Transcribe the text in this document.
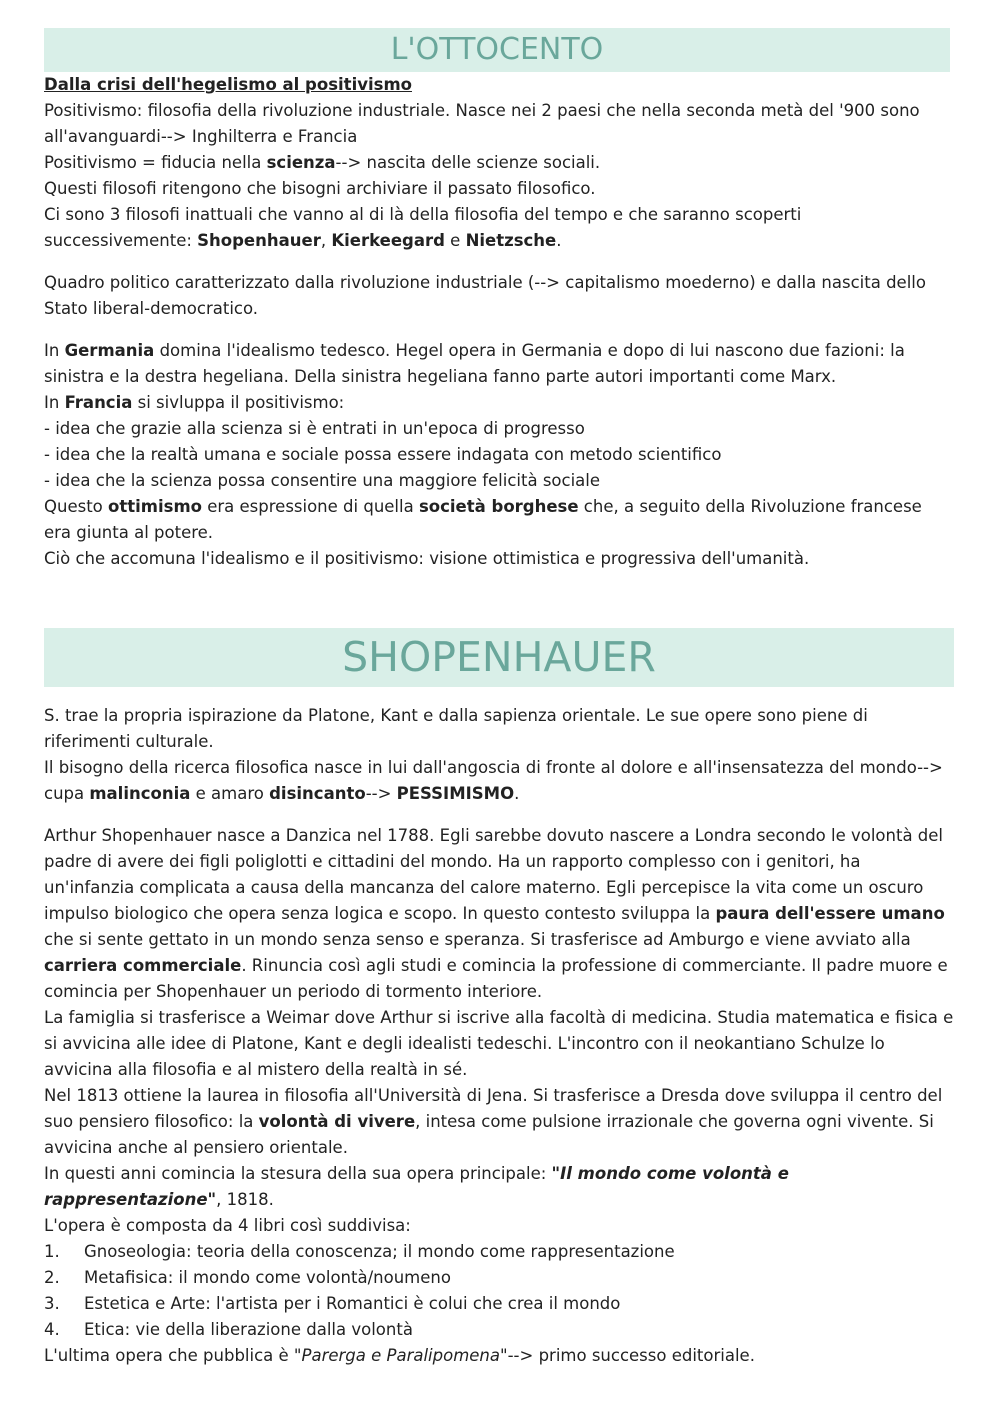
L'OTTOCENTO

Dalla crisi dell'hegelismo al positivismo

Positivismo: filosofia della rivoluzione industriale. Nasce nei 2 paesi che nella seconda metà del '900 sono all'avanguardi--> Inghilterra e Francia

Positivismo = fiducia nella scienza--> nascita delle scienze sociali.

Questi filosofi ritengono che bisogni archiviare il passato filosofico.

Ci sono 3 filosofi inattuali che vanno al di là della filosofia del tempo e che saranno scoperti successivemente: Shopenhauer, Kierkeegard e Nietzsche.

Quadro politico caratterizzato dalla rivoluzione industriale (--> capitalismo moederno) e dalla nascita dello Stato liberal-democratico.

In Germania domina l'idealismo tedesco. Hegel opera in Germania e dopo di lui nascono due fazioni: la sinistra e la destra hegeliana. Della sinistra hegeliana fanno parte autori importanti come Marx.

In Francia si sivluppa il positivismo:

- idea che grazie alla scienza si è entrati in un'epoca di progresso

- idea che la realtà umana e sociale possa essere indagata con metodo scientifico

- idea che la scienza possa consentire una maggiore felicità sociale

Questo ottimismo era espressione di quella società borghese che, a seguito della Rivoluzione francese era giunta al potere.

Ciò che accomuna l'idealismo e il positivismo: visione ottimistica e progressiva dell'umanità.

SHOPENHAUER

S. trae la propria ispirazione da Platone, Kant e dalla sapienza orientale. Le sue opere sono piene di riferimenti culturale.

Il bisogno della ricerca filosofica nasce in lui dall'angoscia di fronte al dolore e all'insensatezza del mondo--> cupa malinconia e amaro disincanto--> PESSIMISMO.

Arthur Shopenhauer nasce a Danzica nel 1788. Egli sarebbe dovuto nascere a Londra secondo le volontà del padre di avere dei figli poliglotti e cittadini del mondo. Ha un rapporto complesso con i genitori, ha un'infanzia complicata a causa della mancanza del calore materno. Egli percepisce la vita come un oscuro impulso biologico che opera senza logica e scopo. In questo contesto sviluppa la paura dell'essere umano che si sente gettato in un mondo senza senso e speranza. Si trasferisce ad Amburgo e viene avviato alla carriera commerciale. Rinuncia così agli studi e comincia la professione di commerciante. Il padre muore e comincia per Shopenhauer un periodo di tormento interiore.

La famiglia si trasferisce a Weimar dove Arthur si iscrive alla facoltà di medicina. Studia matematica e fisica e si avvicina alle idee di Platone, Kant e degli idealisti tedeschi. L'incontro con il neokantiano Schulze lo avvicina alla filosofia e al mistero della realtà in sé.

Nel 1813 ottiene la laurea in filosofia all'Università di Jena. Si trasferisce a Dresda dove sviluppa il centro del suo pensiero filosofico: la volontà di vivere, intesa come pulsione irrazionale che governa ogni vivente. Si avvicina anche al pensiero orientale.

In questi anni comincia la stesura della sua opera principale: "Il mondo come volontà e rappresentazione", 1818.

L'opera è composta da 4 libri così suddivisa:

1.	Gnoseologia: teoria della conoscenza; il mondo come rappresentazione
2.	Metafisica: il mondo come volontà/noumeno
3.	Estetica e Arte: l'artista per i Romantici è colui che crea il mondo
4.	Etica: vie della liberazione dalla volontà

L'ultima opera che pubblica è "Parerga e Paralipomena"--> primo successo editoriale.
